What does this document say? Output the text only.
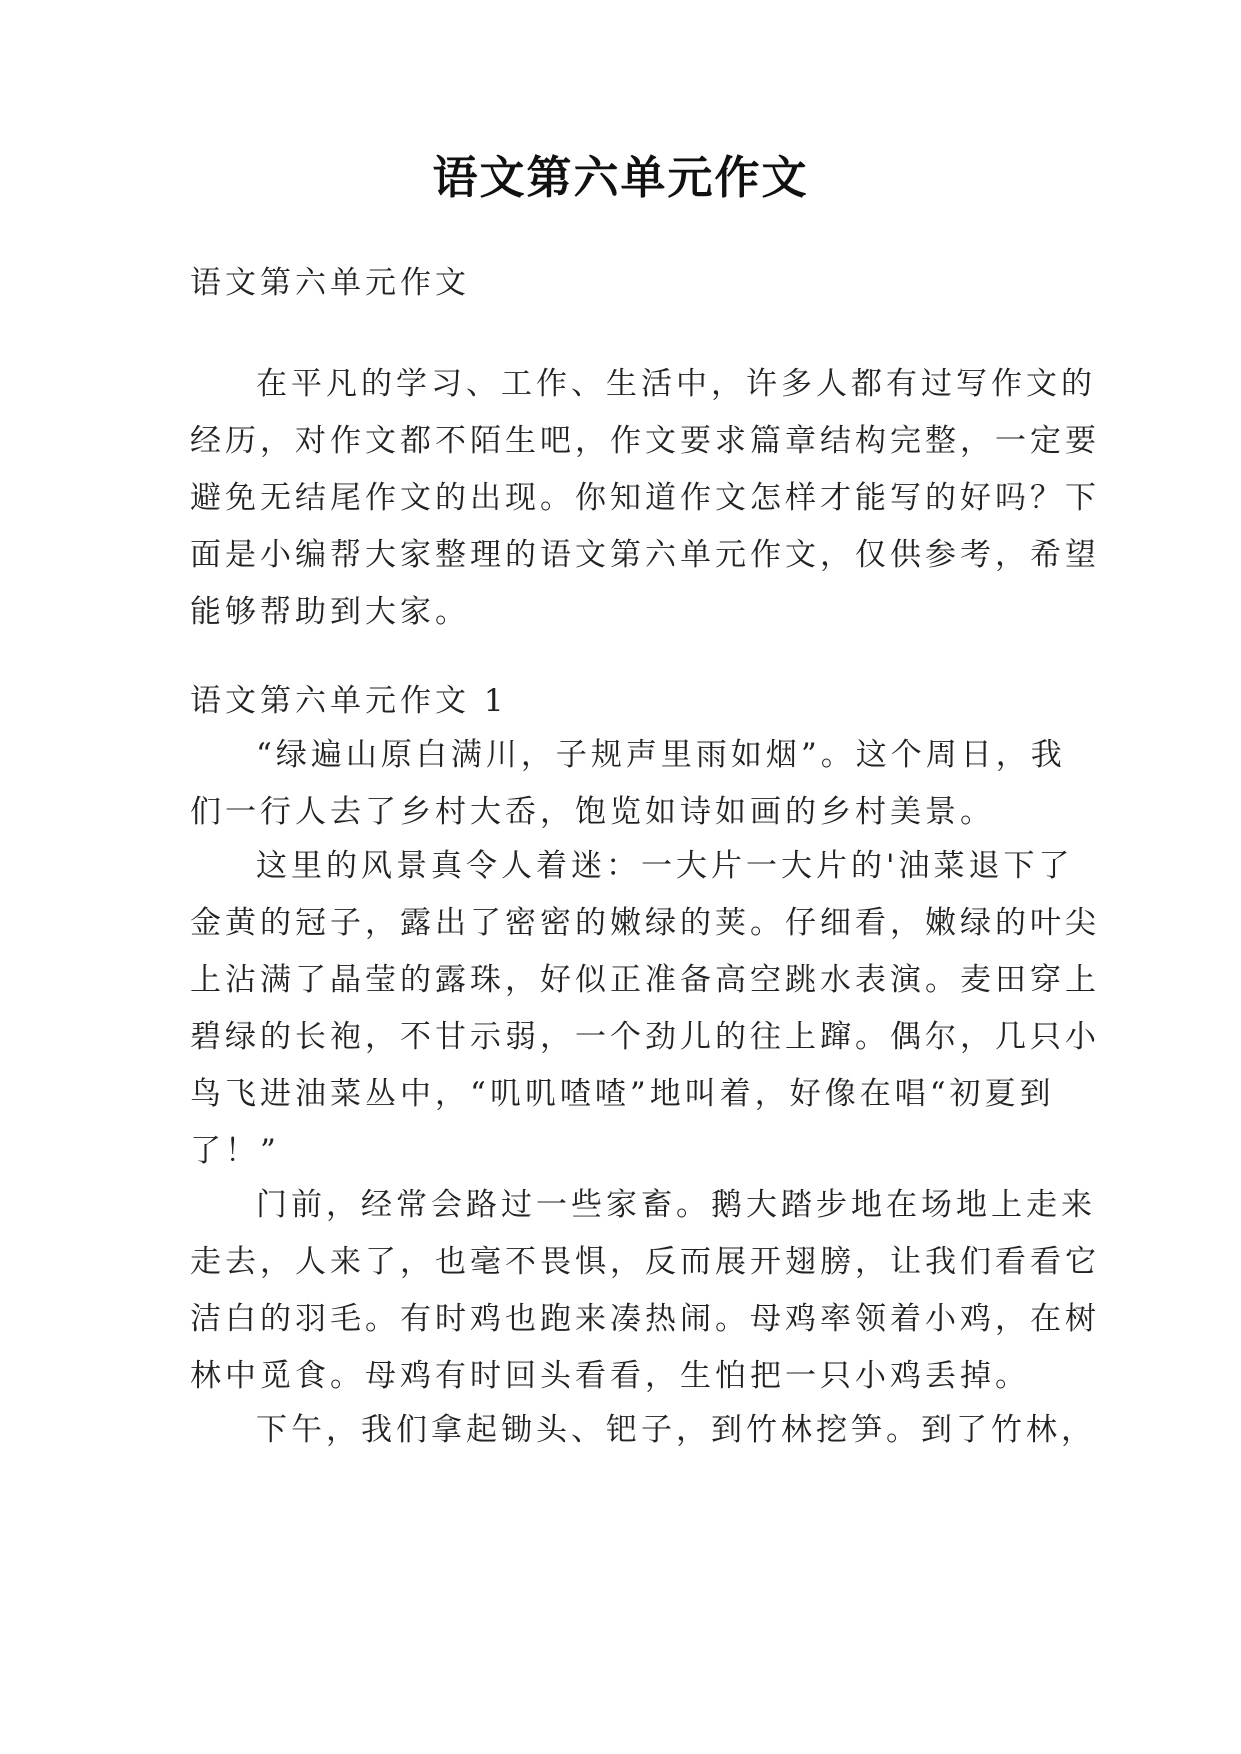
语文第六单元作文
语文第六单元作文
在平凡的学习、工作、生活中，许多人都有过写作文的
经历，对作文都不陌生吧，作文要求篇章结构完整，一定要
避免无结尾作文的出现。你知道作文怎样才能写的好吗？下
面是小编帮大家整理的语文第六单元作文，仅供参考，希望
能够帮助到大家。
语文第六单元作文 1
“绿遍山原白满川，子规声里雨如烟”。这个周日，我
们一行人去了乡村大岙，饱览如诗如画的乡村美景。
这里的风景真令人着迷：一大片一大片的'油菜退下了
金黄的冠子，露出了密密的嫩绿的荚。仔细看，嫩绿的叶尖
上沾满了晶莹的露珠，好似正准备高空跳水表演。麦田穿上
碧绿的长袍，不甘示弱，一个劲儿的往上蹿。偶尔，几只小
鸟飞进油菜丛中，“叽叽喳喳”地叫着，好像在唱“初夏到
了！”
门前，经常会路过一些家畜。鹅大踏步地在场地上走来
走去，人来了，也毫不畏惧，反而展开翅膀，让我们看看它
洁白的羽毛。有时鸡也跑来凑热闹。母鸡率领着小鸡，在树
林中觅食。母鸡有时回头看看，生怕把一只小鸡丢掉。
下午，我们拿起锄头、钯子，到竹林挖笋。到了竹林，
